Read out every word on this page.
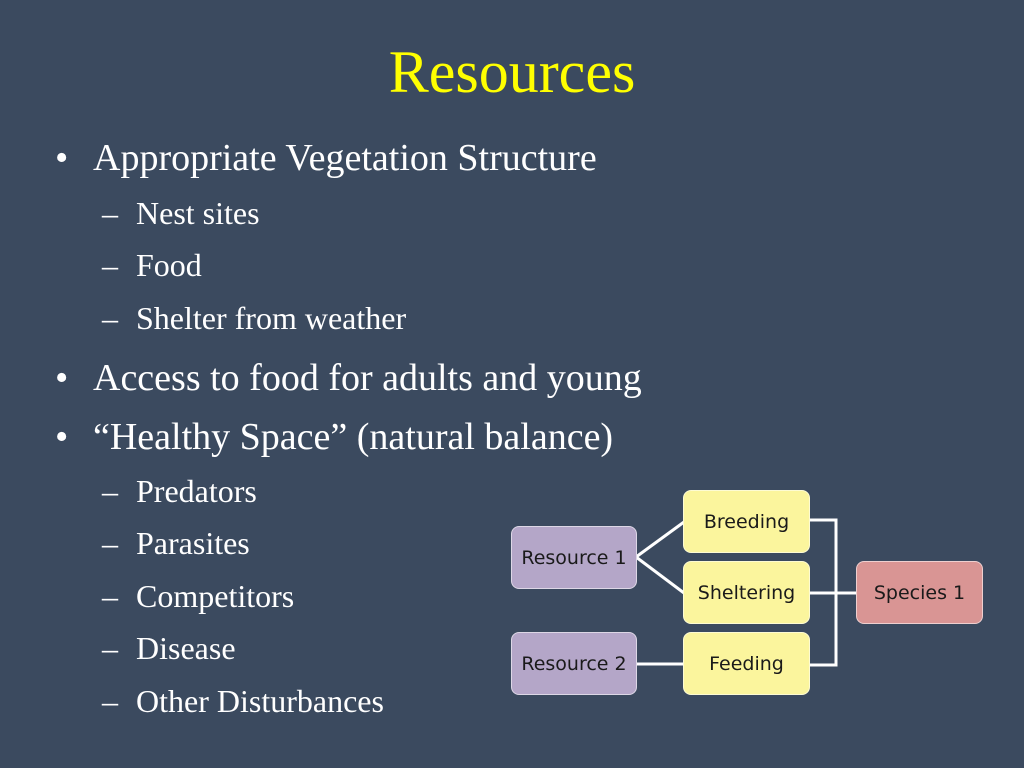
Resources
• Appropriate Vegetation Structure
– Nest sites
– Food
– Shelter from weather
• Access to food for adults and young
• “Healthy Space” (natural balance)
– Predators
– Parasites
– Competitors
– Disease
– Other Disturbances
Resource 1
Resource 2
Breeding
Sheltering
Feeding
Species 1
